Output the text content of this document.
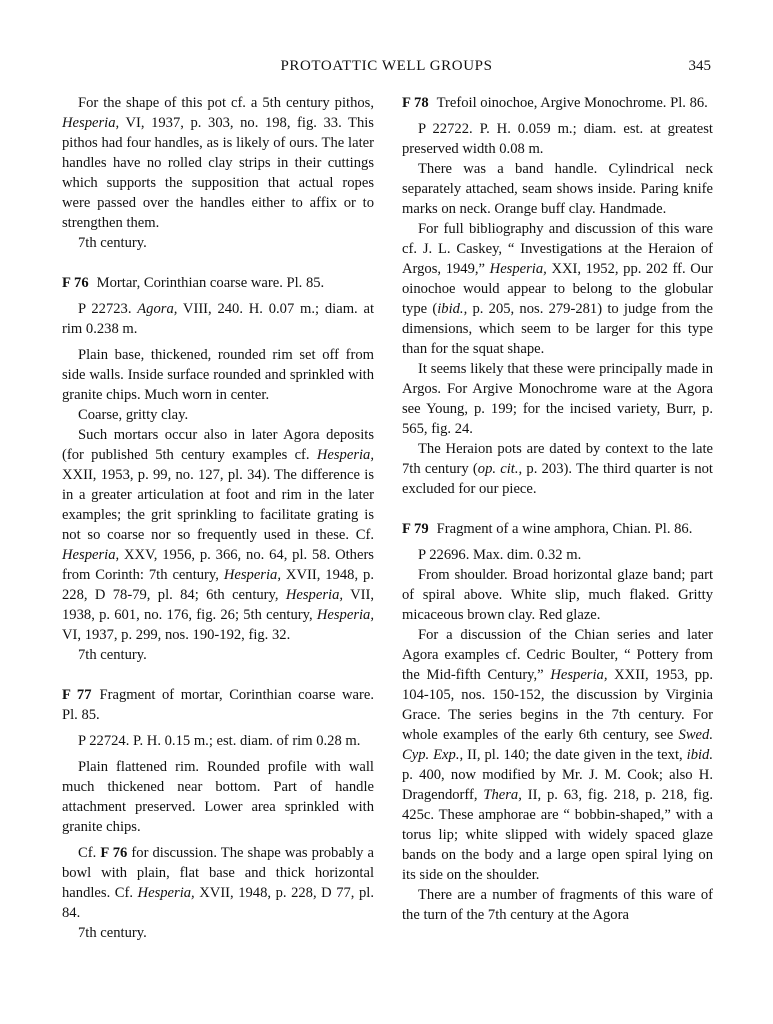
PROTOATTIC WELL GROUPS	345

For the shape of this pot cf. a 5th century pithos, Hesperia, VI, 1937, p. 303, no. 198, fig. 33. This pithos had four handles, as is likely of ours. The later handles have no rolled clay strips in their cuttings which supports the supposition that actual ropes were passed over the handles either to affix or to strengthen them.

7th century.

F 76 Mortar, Corinthian coarse ware. Pl. 85.

P 22723. Agora, VIII, 240. H. 0.07 m.; diam. at rim 0.238 m.

Plain base, thickened, rounded rim set off from side walls. Inside surface rounded and sprinkled with granite chips. Much worn in center.

Coarse, gritty clay.

Such mortars occur also in later Agora deposits (for published 5th century examples cf. Hesperia, XXII, 1953, p. 99, no. 127, pl. 34). The difference is in a greater articulation at foot and rim in the later examples; the grit sprinkling to facilitate grating is not so coarse nor so frequently used in these. Cf. Hesperia, XXV, 1956, p. 366, no. 64, pl. 58. Others from Corinth: 7th century, Hesperia, XVII, 1948, p. 228, D 78-79, pl. 84; 6th century, Hesperia, VII, 1938, p. 601, no. 176, fig. 26; 5th century, Hesperia, VI, 1937, p. 299, nos. 190-192, fig. 32.

7th century.

F 77 Fragment of mortar, Corinthian coarse ware. Pl. 85.

P 22724. P. H. 0.15 m.; est. diam. of rim 0.28 m.

Plain flattened rim. Rounded profile with wall much thickened near bottom. Part of handle attachment preserved. Lower area sprinkled with granite chips.

Cf. F 76 for discussion. The shape was probably a bowl with plain, flat base and thick horizontal handles. Cf. Hesperia, XVII, 1948, p. 228, D 77, pl. 84.

7th century.

F 78 Trefoil oinochoe, Argive Monochrome. Pl. 86.

P 22722. P. H. 0.059 m.; diam. est. at greatest preserved width 0.08 m.

There was a band handle. Cylindrical neck separately attached, seam shows inside. Paring knife marks on neck. Orange buff clay. Handmade.

For full bibliography and discussion of this ware cf. J. L. Caskey, “ Investigations at the Heraion of Argos, 1949,” Hesperia, XXI, 1952, pp. 202 ff. Our oinochoe would appear to belong to the globular type (ibid., p. 205, nos. 279-281) to judge from the dimensions, which seem to be larger for this type than for the squat shape.

It seems likely that these were principally made in Argos. For Argive Monochrome ware at the Agora see Young, p. 199; for the incised variety, Burr, p. 565, fig. 24.

The Heraion pots are dated by context to the late 7th century (op. cit., p. 203). The third quarter is not excluded for our piece.

F 79 Fragment of a wine amphora, Chian. Pl. 86.

P 22696. Max. dim. 0.32 m.

From shoulder. Broad horizontal glaze band; part of spiral above. White slip, much flaked. Gritty micaceous brown clay. Red glaze.

For a discussion of the Chian series and later Agora examples cf. Cedric Boulter, “ Pottery from the Mid-fifth Century,” Hesperia, XXII, 1953, pp. 104-105, nos. 150-152, the discussion by Virginia Grace. The series begins in the 7th century. For whole examples of the early 6th century, see Swed. Cyp. Exp., II, pl. 140; the date given in the text, ibid. p. 400, now modified by Mr. J. M. Cook; also H. Dragendorff, Thera, II, p. 63, fig. 218, p. 218, fig. 425c. These amphorae are “ bobbin-shaped,” with a torus lip; white slipped with widely spaced glaze bands on the body and a large open spiral lying on its side on the shoulder.

There are a number of fragments of this ware of the turn of the 7th century at the Agora
